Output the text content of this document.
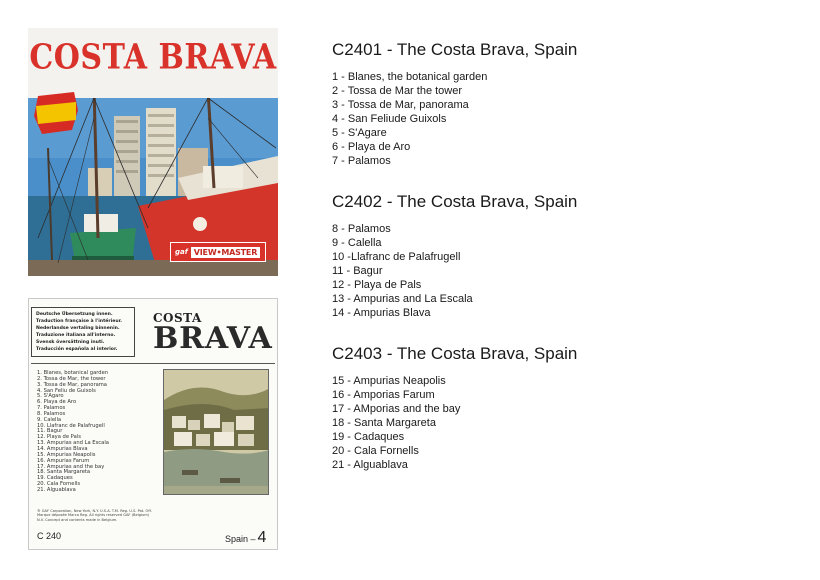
COSTA BRAVA
gaf VIEW•MASTER
Deutsche Übersetzung innen.
Traduction française à l'intérieur.
Nederlandse vertaling binnenin.
Traduzione italiana all'interno.
Svensk översättning inuti.
Traducción española al interior.
COSTA
BRAVA
1. Blanes, botanical garden
2. Tossa de Mar, the tower
3. Tossa de Mar, panorama
4. San Feliu de Guixols
5. S'Agaro
6. Playa de Aro
7. Palamos
8. Palamos
9. Calella
10. Llafranc de Palafrugell
11. Bagur
12. Playa de Pals
13. Ampurias and La Escala
14. Ampurias Blava
15. Ampurias Neapolis
16. Ampurias Farum
17. Ampurias and the bay
18. Santa Margareta
19. Cadaques
20. Cala Fornells
21. Alguablava
® GAF Corporation, New York, N.Y. U.S.A. T.M. Reg. U.S. Pat. Off. Marque déposée Marca Reg. All rights reserved GAF (Belgium) N.V. Concept and contents made in Belgium.
C 240	Spain – 4
C2401 - The Costa Brava, Spain
1 - Blanes, the botanical garden
2 - Tossa de Mar the tower
3 - Tossa de Mar, panorama
4 - San Feliude Guixols
5 - S'Agare
6 - Playa de Aro
7 - Palamos
C2402 - The Costa Brava, Spain
8 - Palamos
9 - Calella
10 -Llafranc de Palafrugell
11 - Bagur
12 - Playa de Pals
13 - Ampurias and La Escala
14 - Ampurias Blava
C2403 - The Costa Brava, Spain
15 - Ampurias Neapolis
16 - Amporias Farum
17 - AMporias and the bay
18 - Santa Margareta
19 - Cadaques
20 - Cala Fornells
21 - Alguablava
